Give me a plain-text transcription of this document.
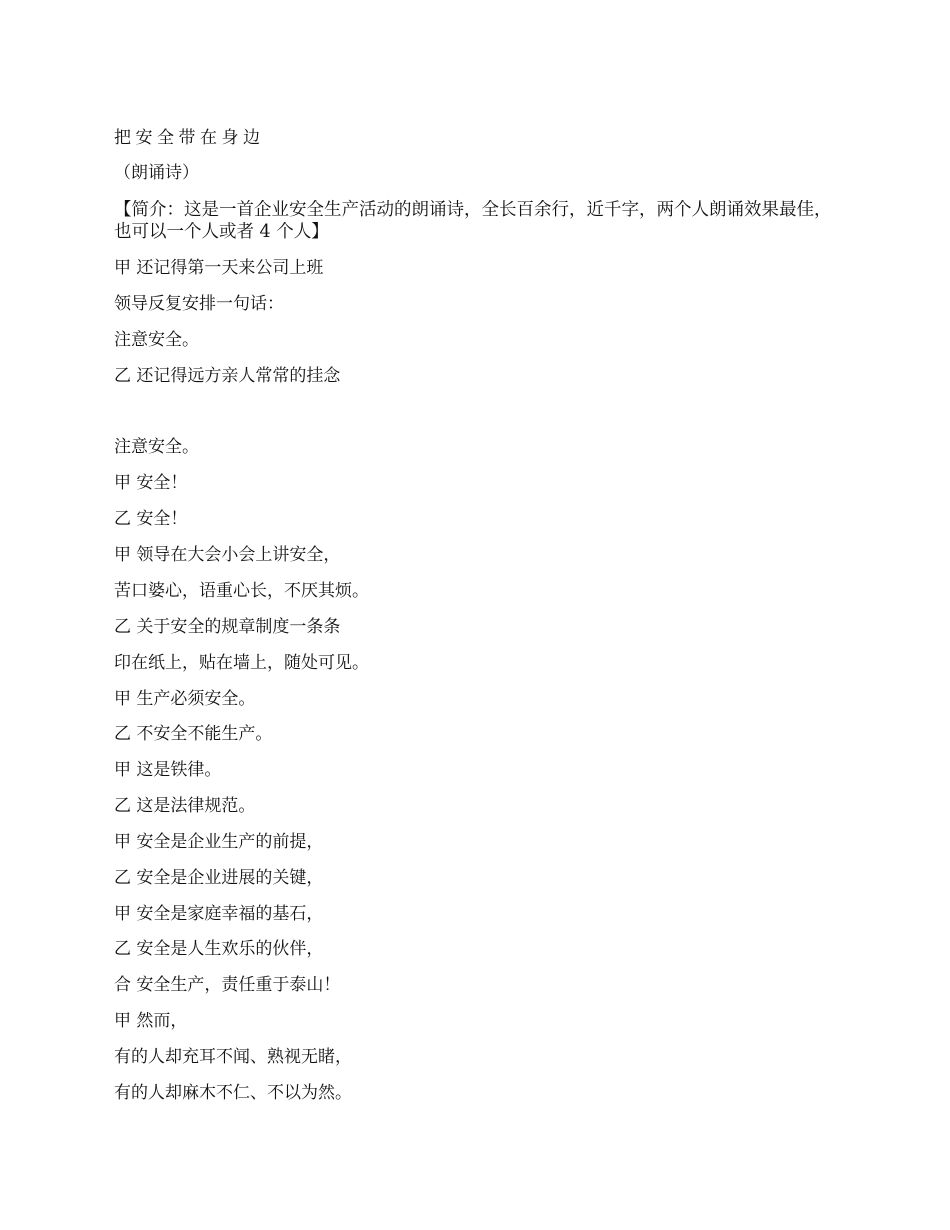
把安全带在身边
（朗诵诗）
【简介：这是一首企业安全生产活动的朗诵诗，全长百余行，近千字，两个人朗诵效果最佳，也可以一个人或者 4 个人】
甲 还记得第一天来公司上班
领导反复安排一句话：
注意安全。
乙 还记得远方亲人常常的挂念
注意安全。
甲 安全！
乙 安全！
甲 领导在大会小会上讲安全，
苦口婆心，语重心长，不厌其烦。
乙 关于安全的规章制度一条条
印在纸上，贴在墙上，随处可见。
甲 生产必须安全。
乙 不安全不能生产。
甲 这是铁律。
乙 这是法律规范。
甲 安全是企业生产的前提，
乙 安全是企业进展的关键，
甲 安全是家庭幸福的基石，
乙 安全是人生欢乐的伙伴，
合 安全生产，责任重于泰山！
甲 然而，
有的人却充耳不闻、熟视无睹，
有的人却麻木不仁、不以为然。
